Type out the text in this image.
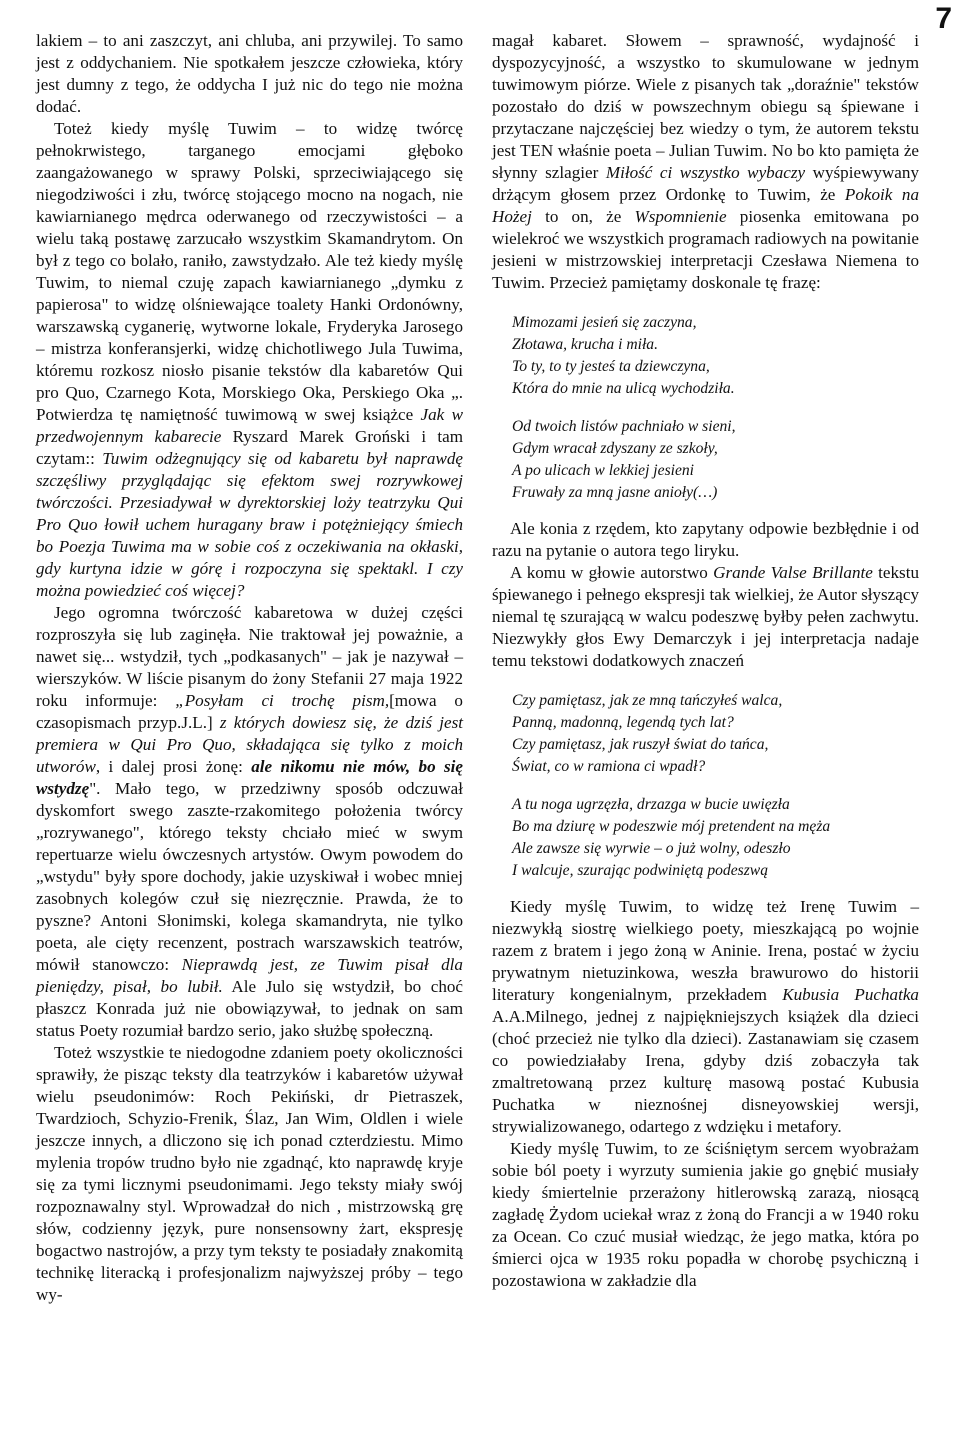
7

lakiem – to ani zaszczyt, ani chluba, ani przywilej. To samo jest z oddychaniem. Nie spotkałem jeszcze człowieka, który jest dumny z tego, że oddycha I już nic do tego nie można dodać.

Toteż kiedy myślę Tuwim – to widzę twórcę pełnokrwistego, targanego emocjami głęboko zaangażowanego w sprawy Polski, sprzeciwiającego się niegodziwości i złu, twórcę stojącego mocno na nogach, nie kawiarnianego mędrca oderwanego od rzeczywistości – a wielu taką postawę zarzucało wszystkim Skamandrytom. On był z tego co bolało, raniło, zawstydzało. Ale też kiedy myślę Tuwim, to niemal czuję zapach kawiarnianego „dymku z papierosa" to widzę olśniewające toalety Hanki Ordonówny, warszawską cyganerię, wytworne lokale, Fryderyka Jarosego – mistrza konferansjerki, widzę chichotliwego Jula Tuwima, któremu rozkosz niosło pisanie tekstów dla kabaretów Qui pro Quo, Czarnego Kota, Morskiego Oka, Perskiego Oka „. Potwierdza tę namiętność tuwimową w swej książce Jak w przedwojennym kabarecie Ryszard Marek Groński i tam czytam:: Tuwim odżegnujący się od kabaretu był naprawdę szczęśliwy przyglądając się efektom swej rozrywkowej twórczości. Przesiadywał w dyrektorskiej loży teatrzyku Qui Pro Quo łowił uchem huragany braw i potężniejący śmiech bo Poezja Tuwima ma w sobie coś z oczekiwania na okłaski, gdy kurtyna idzie w górę i rozpoczyna się spektakl. I czy można powiedzieć coś więcej?

Jego ogromna twórczość kabaretowa w dużej części rozproszyła się lub zaginęła. Nie traktował jej poważnie, a nawet się... wstydził, tych „podkasanych" – jak je nazywał – wierszyków. W liście pisanym do żony Stefanii 27 maja 1922 roku informuje: „Posyłam ci trochę pism,[mowa o czasopismach przyp.J.L.] z których dowiesz się, że dziś jest premiera w Qui Pro Quo, składająca się tylko z moich utworów, i dalej prosi żonę: ale nikomu nie mów, bo się wstydzę". Mało tego, w przedziwny sposób odczuwał dyskomfort swego zaszte-rzakomitego położenia twórcy „rozrywanego", którego teksty chciało mieć w swym repertuarze wielu ówczesnych artystów. Owym powodem do „wstydu" były spore dochody, jakie uzyskiwał i wobec mniej zasobnych kolegów czuł się niezręcznie. Prawda, że to pyszne? Antoni Słonimski, kolega skamandryta, nie tylko poeta, ale cięty recenzent, postrach warszawskich teatrów, mówił stanowczo: Nieprawdą jest, ze Tuwim pisał dla pieniędzy, pisał, bo lubił. Ale Julo się wstydził, bo choć płaszcz Konrada już nie obowiązywał, to jednak on sam status Poety rozumiał bardzo serio, jako służbę społeczną.

Toteż wszystkie te niedogodne zdaniem poety okoliczności sprawiły, że pisząc teksty dla teatrzyków i kabaretów używał wielu pseudonimów: Roch Pekiński, dr Pietraszek, Twardzioch, Schyzio-Frenik, Ślaz, Jan Wim, Oldlen i wiele jeszcze innych, a dliczono się ich ponad czterdziestu. Mimo mylenia tropów trudno było nie zgadnąć, kto naprawdę kryje się za tymi licznymi pseudonimami. Jego teksty miały swój rozpoznawalny styl. Wprowadzał do nich , mistrzowską grę słów, codzienny język, pure nonsensowny żart, ekspresję bogactwo nastrojów, a przy tym teksty te posiadały znakomitą technikę literacką i profesjonalizm najwyższej próby – tego wy-

magał kabaret. Słowem – sprawność, wydajność i dyspozycyjność, a wszystko to skumulowane w jednym tuwimowym piórze. Wiele z pisanych tak „doraźnie" tekstów pozostało do dziś w powszechnym obiegu są śpiewane i przytaczane najczęściej bez wiedzy o tym, że autorem tekstu jest TEN właśnie poeta – Julian Tuwim. No bo kto pamięta że słynny szlagier Miłość ci wszystko wybaczy wyśpiewywany drżącym głosem przez Ordonkę to Tuwim, że Pokoik na Hożej to on, że Wspomnienie piosenka emitowana po wielekroć we wszystkich programach radiowych na powitanie jesieni w mistrzowskiej interpretacji Czesława Niemena to Tuwim. Przecież pamiętamy doskonale tę frazę:

Mimozami jesień się zaczyna,
Złotawa, krucha i miła.
To ty, to ty jesteś ta dziewczyna,
Która do mnie na ulicą wychodziła.
Od twoich listów pachniało w sieni,
Gdym wracał zdyszany ze szkoły,
A po ulicach w lekkiej jesieni
Fruwały za mną jasne anioły(…)

Ale konia z rzędem, kto zapytany odpowie bezbłędnie i od razu na pytanie o autora tego liryku.

A komu w głowie autorstwo Grande Valse Brillante tekstu śpiewanego i pełnego ekspresji tak wielkiej, że Autor słyszący niemal tę szurającą w walcu podeszwę byłby pełen zachwytu. Niezwykły głos Ewy Demarczyk i jej interpretacja nadaje temu tekstowi dodatkowych znaczeń

Czy pamiętasz, jak ze mną tańczyłeś walca,
Panną, madonną, legendą tych lat?
Czy pamiętasz, jak ruszył świat do tańca,
Świat, co w ramiona ci wpadł?
A tu noga ugrzęzła, drzazga w bucie uwięzła
Bo ma dziurę w podeszwie mój pretendent na męża
Ale zawsze się wyrwie – o już wolny, odeszło
I walcuje, szurając podwiniętą podeszwą

Kiedy myślę Tuwim, to widzę też Irenę Tuwim – niezwykłą siostrę wielkiego poety, mieszkającą po wojnie razem z bratem i jego żoną w Aninie. Irena, postać w życiu prywatnym nietuzinkowa, weszła brawurowo do historii literatury kongenialnym, przekładem Kubusia Puchatka A.A.Milnego, jednej z najpiękniejszych książek dla dzieci (choć przecież nie tylko dla dzieci). Zastanawiam się czasem co powiedziałaby Irena, gdyby dziś zobaczyła tak zmaltretowaną przez kulturę masową postać Kubusia Puchatka w nieznośnej disneyowskiej wersji, strywializowanego, odartego z wdzięku i metafory.

Kiedy myślę Tuwim, to ze ściśniętym sercem wyobrażam sobie ból poety i wyrzuty sumienia jakie go gnębić musiały kiedy śmiertelnie przerażony hitlerowską zarazą, niosącą zagładę Żydom uciekał wraz z żoną do Francji a w 1940 roku za Ocean. Co czuć musiał wiedząc, że jego matka, która po śmierci ojca w 1935 roku popadła w chorobę psychiczną i pozostawiona w zakładzie dla
